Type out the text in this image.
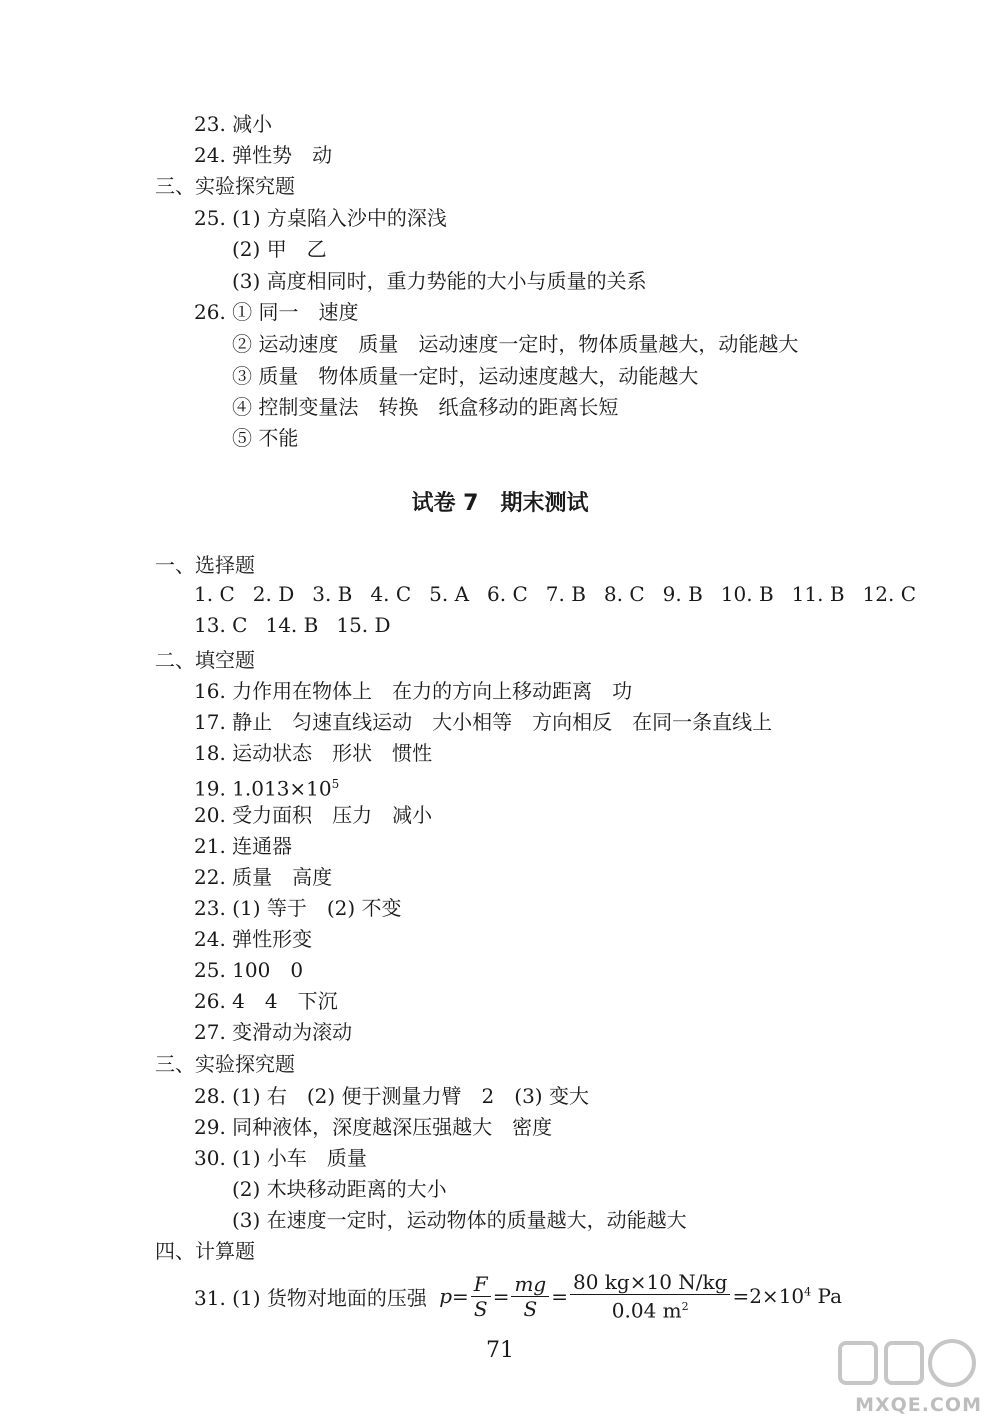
23. 减小
24. 弹性势　动
三、实验探究题
25. (1) 方桌陷入沙中的深浅
(2) 甲　乙
(3) 高度相同时，重力势能的大小与质量的关系
26. ① 同一　速度
② 运动速度　质量　运动速度一定时，物体质量越大，动能越大
③ 质量　物体质量一定时，运动速度越大，动能越大
④ 控制变量法　转换　纸盒移动的距离长短
⑤ 不能
试卷 7　期末测试
一、选择题
1. C 2. D 3. B 4. C 5. A 6. C 7. B 8. C 9. B 10. B 11. B 12. C
13. C 14. B 15. D
二、填空题
16. 力作用在物体上　在力的方向上移动距离　功
17. 静止　匀速直线运动　大小相等　方向相反　在同一条直线上
18. 运动状态　形状　惯性
19. $1.013\times 10^5$
20. 受力面积　压力　减小
21. 连通器
22. 质量　高度
23. (1) 等于　(2) 不变
24. 弹性形变
25. 100　0
26. 4　4　下沉
27. 变滑动为滚动
三、实验探究题
28. (1) 右　(2) 便于测量力臂　2　(3) 变大
29. 同种液体，深度越深压强越大　密度
30. (1) 小车　质量
(2) 木块移动距离的大小
(3) 在速度一定时，运动物体的质量越大，动能越大
四、计算题
31. (1) 货物对地面的压强 $p= \frac{F}{S} = \frac{mg}{S} = \frac{80 kg\times 10 N/kg}{0.04 m^2} =2\times 10^4$ Pa
71
MXQE.COM
